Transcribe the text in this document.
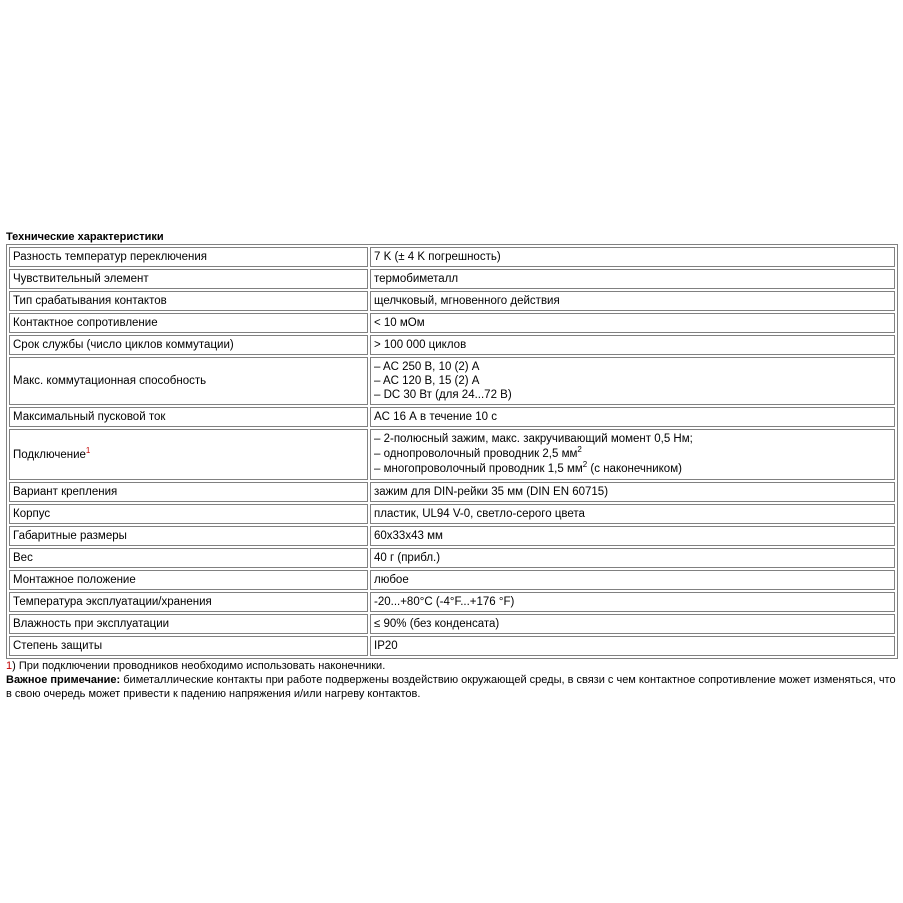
Технические характеристики
Разность температур переключения	7 K (± 4 K погрешность)
Чувствительный элемент	термобиметалл
Тип срабатывания контактов	щелчковый, мгновенного действия
Контактное сопротивление	< 10 мОм
Срок службы (число циклов коммутации)	> 100 000 циклов
Макс. коммутационная способность	– AC 250 В, 10 (2) А
– AC 120 В, 15 (2) А
– DC 30 Вт (для 24...72 В)

Максимальный пусковой ток	AC 16 А в течение 10 с
Подключение$^1$	– 2-полюсный зажим, макс. закручивающий момент 0,5 Нм;
– однопроволочный проводник 2,5 $мм^2$
– многопроволочный проводник 1,5 $мм^2$ (с наконечником)

Вариант крепления	зажим для DIN-рейки 35 мм (DIN EN 60715)
Корпус	пластик, UL94 V-0, светло-серого цвета
Габаритные размеры	60x33x43 мм
Вес	40 г (прибл.)
Монтажное положение	любое
Температура эксплуатации/хранения	-20...+80°C (-4°F...+176 °F)
Влажность при эксплуатации	≤ 90% (без конденсата)
Степень защиты	IP20
1) При подключении проводников необходимо использовать наконечники.
Важное примечание: биметаллические контакты при работе подвержены воздействию окружающей среды, в связи с чем контактное сопротивление может изменяться, что в свою очередь может привести к падению напряжения и/или нагреву контактов.
